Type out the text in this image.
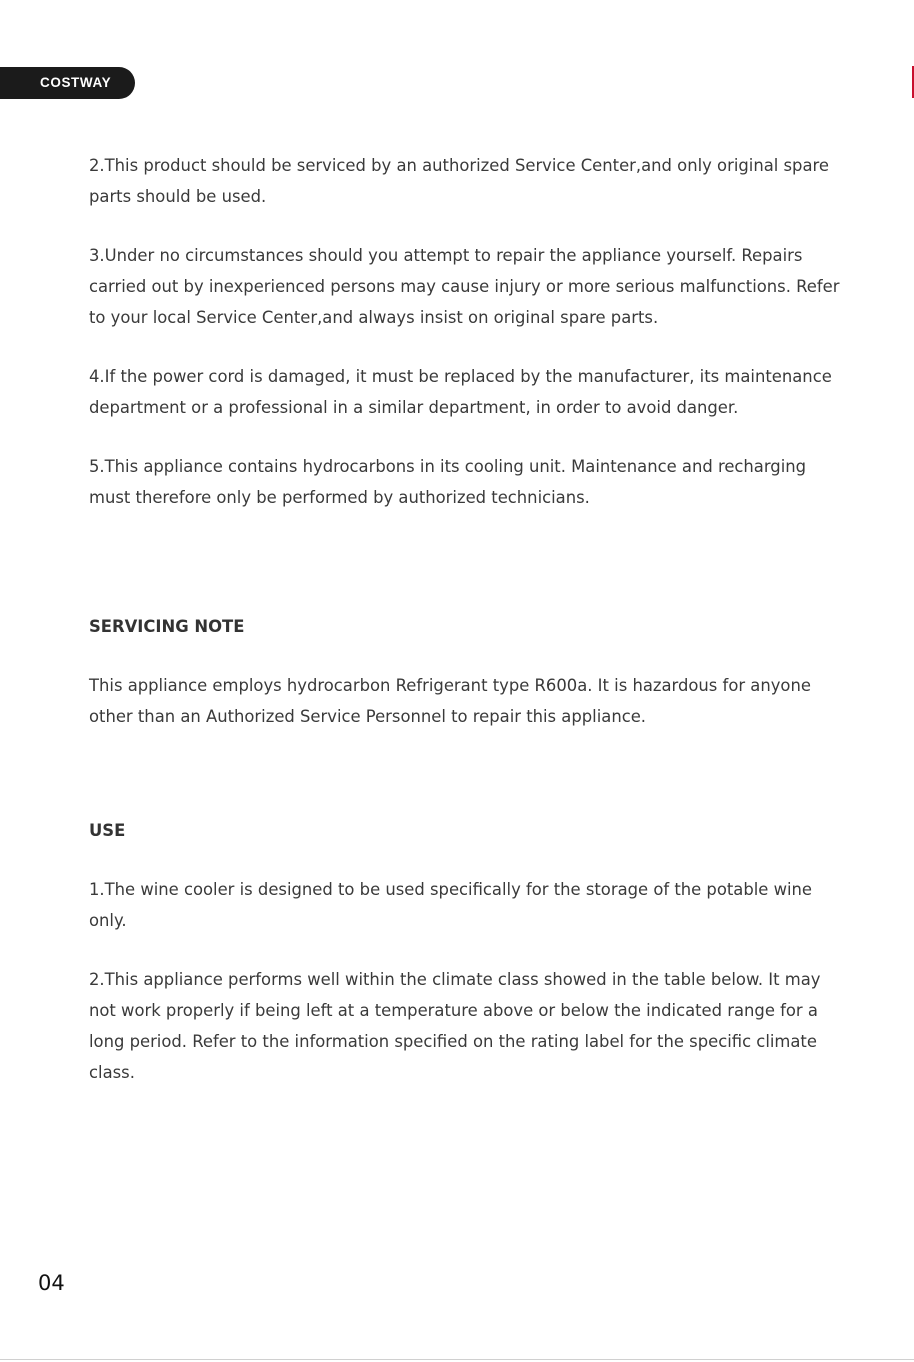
COSTWAY

2.This product should be serviced by an authorized Service Center,and only original spare parts should be used.

3.Under no circumstances should you attempt to repair the appliance yourself. Repairs carried out by inexperienced persons may cause injury or more serious malfunctions. Refer to your local Service Center,and always insist on original spare parts.

4.If the power cord is damaged, it must be replaced by the manufacturer, its maintenance department or a professional in a similar department, in order to avoid danger.

5.This appliance contains hydrocarbons in its cooling unit. Maintenance and recharging must therefore only be performed by authorized technicians.

SERVICING NOTE

This appliance employs hydrocarbon Refrigerant type R600a. It is hazardous for anyone other than an Authorized Service Personnel to repair this appliance.

USE

1.The wine cooler is designed to be used specifically for the storage of the potable wine only.

2.This appliance performs well within the climate class showed in the table below. It may not work properly if being left at a temperature above or below the indicated range for a long period. Refer to the information specified on the rating label for the specific climate class.

04
